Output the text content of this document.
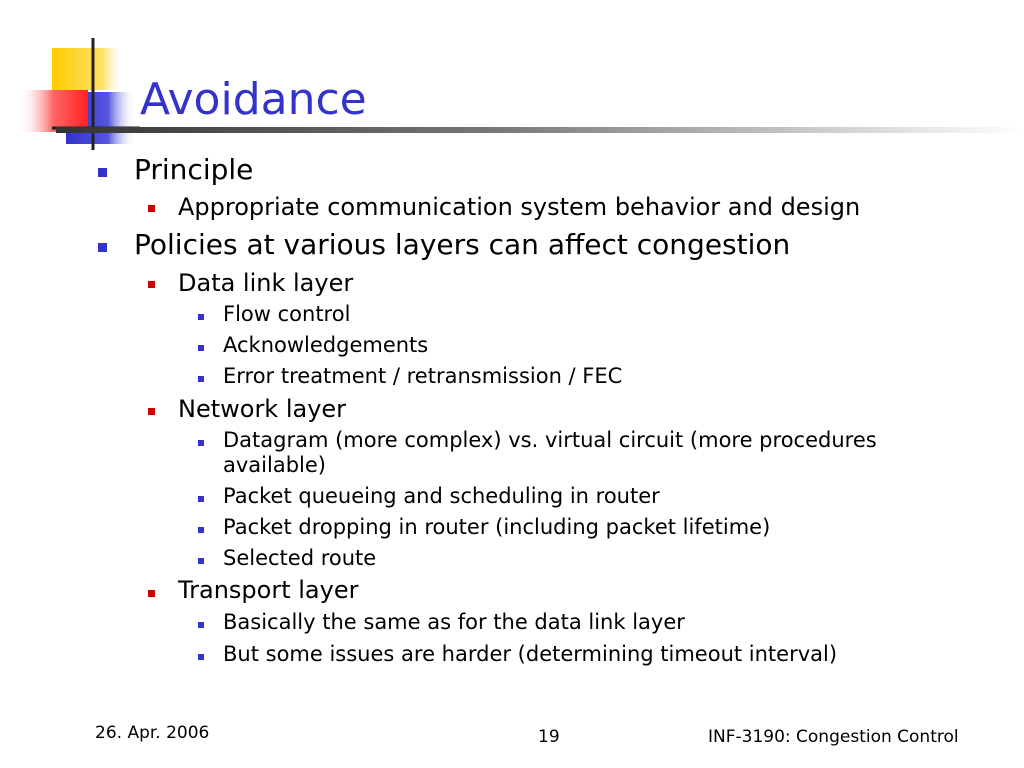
Avoidance
Principle
Appropriate communication system behavior and design
Policies at various layers can affect congestion
Data link layer
Flow control
Acknowledgements
Error treatment / retransmission / FEC
Network layer
Datagram (more complex) vs. virtual circuit (more procedures
available)
Packet queueing and scheduling in router
Packet dropping in router (including packet lifetime)
Selected route
Transport layer
Basically the same as for the data link layer
But some issues are harder (determining timeout interval)
26. Apr. 2006	19	INF-3190: Congestion Control
